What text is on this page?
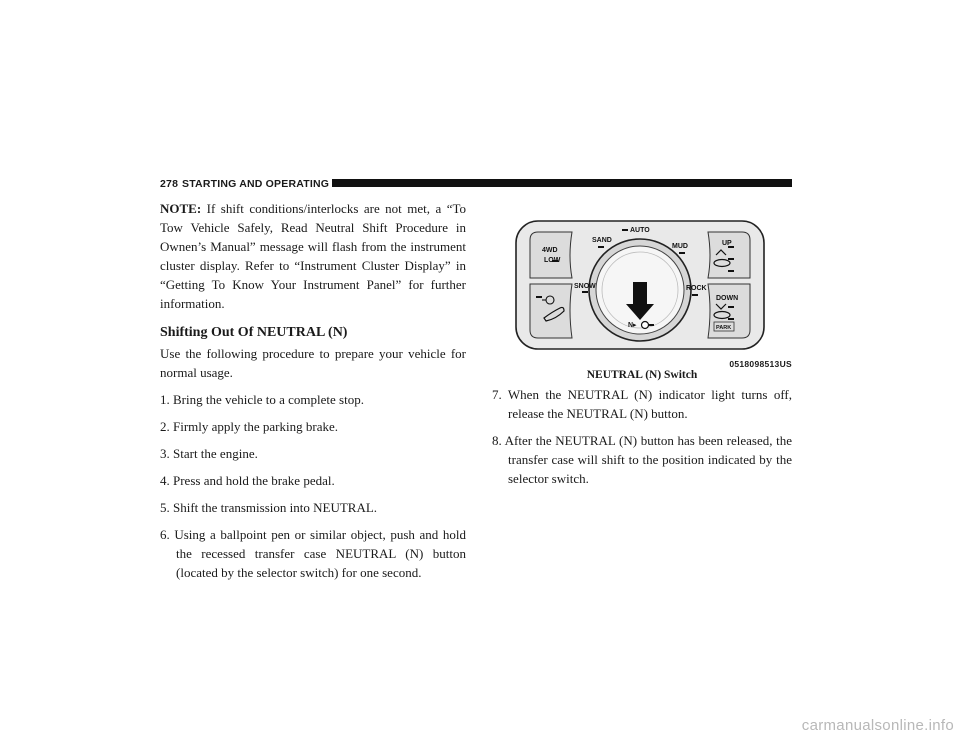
278 STARTING AND OPERATING

NOTE: If shift conditions/interlocks are not met, a “To Tow Vehicle Safely, Read Neutral Shift Procedure in Ownen’s Manual” message will flash from the instrument cluster display. Refer to “Instrument Cluster Display” in “Getting To Know Your Instrument Panel” for further information.

Shifting Out Of NEUTRAL (N)

Use the following procedure to prepare your vehicle for normal usage.

1. Bring the vehicle to a complete stop.

2. Firmly apply the parking brake.

3. Start the engine.

4. Press and hold the brake pedal.

5. Shift the transmission into NEUTRAL.

6. Using a ballpoint pen or similar object, push and hold the recessed transfer case NEUTRAL (N) button (located by the selector switch) for one second.

4WD
LOW
SAND
AUTO
MUD	UP
SNOW	ROCK
DOWN
N▸	PARK
0518098513US

NEUTRAL (N) Switch

7. When the NEUTRAL (N) indicator light turns off, release the NEUTRAL (N) button.

8. After the NEUTRAL (N) button has been released, the transfer case will shift to the position indicated by the selector switch.

carmanualsonline.info
